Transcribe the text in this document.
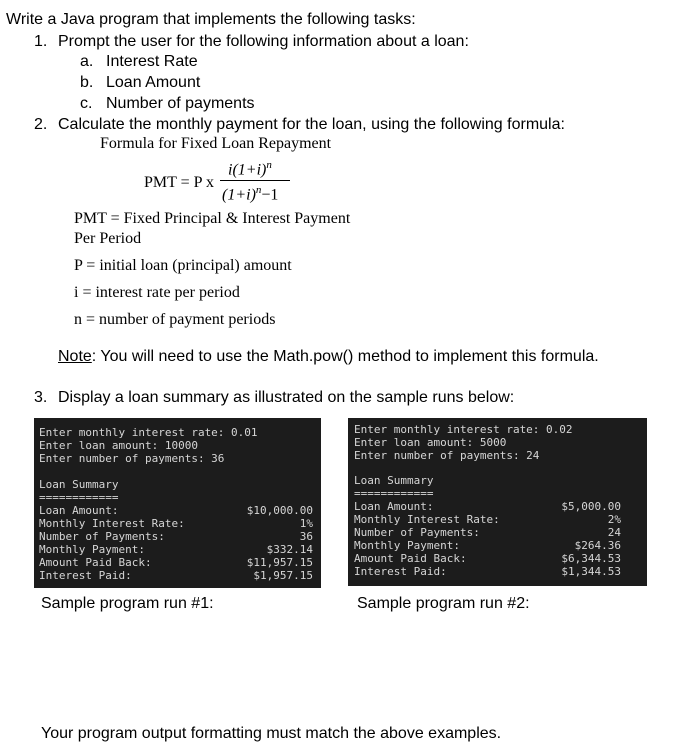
Write a Java program that implements the following tasks:
1. Prompt the user for the following information about a loan:
a. Interest Rate
b. Loan Amount
c. Number of payments
2. Calculate the monthly payment for the loan, using the following formula:
Formula for Fixed Loan Repayment
PMT = P x
$i(1+i)^n$
$(1+i)^n-1$
PMT = Fixed Principal & Interest Payment
Per Period
P = initial loan (principal) amount
i = interest rate per period
n = number of payment periods
Note: You will need to use the Math.pow() method to implement this formula.
3. Display a loan summary as illustrated on the sample runs below:
Enter monthly interest rate: 0.01
Enter loan amount: 10000
Enter number of payments: 36
Loan Summary
============
Loan Amount:	$10,000.00
Monthly Interest Rate:	1%
Number of Payments:	36
Monthly Payment:	$332.14
Amount Paid Back:	$11,957.15
Interest Paid:	$1,957.15
Enter monthly interest rate: 0.02
Enter loan amount: 5000
Enter number of payments: 24
Loan Summary
============
Loan Amount:	$5,000.00
Monthly Interest Rate:	2%
Number of Payments:	24
Monthly Payment:	$264.36
Amount Paid Back:	$6,344.53
Interest Paid:	$1,344.53
Sample program run #1:	Sample program run #2:
Your program output formatting must match the above examples.
